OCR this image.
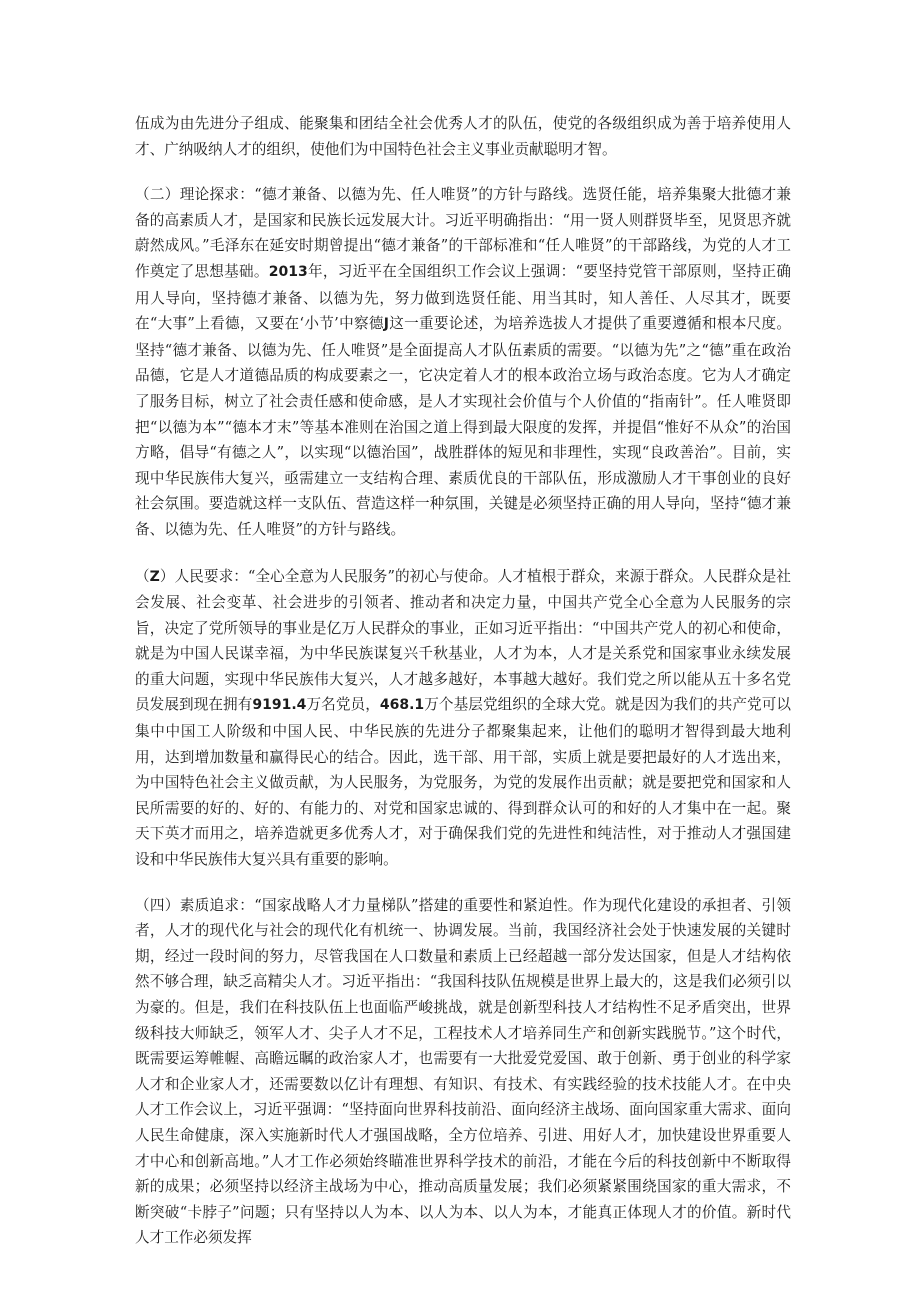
伍成为由先进分子组成、能聚集和团结全社会优秀人才的队伍，使党的各级组织成为善于培养使用人才、广纳吸纳人才的组织，使他们为中国特色社会主义事业贡献聪明才智。

（二）理论探求：“德才兼备、以德为先、任人唯贤”的方针与路线。选贤任能，培养集聚大批德才兼备的高素质人才，是国家和民族长远发展大计。习近平明确指出：“用一贤人则群贤毕至，见贤思齐就蔚然成风。”毛泽东在延安时期曾提出“德才兼备”的干部标准和“任人唯贤”的干部路线，为党的人才工作奠定了思想基础。2013年，习近平在全国组织工作会议上强调：“要坚持党管干部原则，坚持正确用人导向，坚持德才兼备、以德为先，努力做到选贤任能、用当其时，知人善任、人尽其才，既要在“大事”上看德，又要在‘小节’中察德J这一重要论述，为培养选拔人才提供了重要遵循和根本尺度。坚持“德才兼备、以德为先、任人唯贤”是全面提高人才队伍素质的需要。“以德为先”之“德”重在政治品德，它是人才道德品质的构成要素之一，它决定着人才的根本政治立场与政治态度。它为人才确定了服务目标，树立了社会责任感和使命感，是人才实现社会价值与个人价值的“指南针”。任人唯贤即把“以德为本”“德本才末”等基本准则在治国之道上得到最大限度的发挥，并提倡“惟好不从众”的治国方略，倡导“有德之人”，以实现“以德治国”，战胜群体的短见和非理性，实现“良政善治”。目前，实现中华民族伟大复兴，亟需建立一支结构合理、素质优良的干部队伍，形成激励人才干事创业的良好社会氛围。要造就这样一支队伍、营造这样一种氛围，关键是必须坚持正确的用人导向，坚持“德才兼备、以德为先、任人唯贤”的方针与路线。

（Z）人民要求：“全心全意为人民服务”的初心与使命。人才植根于群众，来源于群众。人民群众是社会发展、社会变革、社会进步的引领者、推动者和决定力量，中国共产党全心全意为人民服务的宗旨，决定了党所领导的事业是亿万人民群众的事业，正如习近平指出：“中国共产党人的初心和使命，就是为中国人民谋幸福，为中华民族谋复兴千秋基业，人才为本，人才是关系党和国家事业永续发展的重大问题，实现中华民族伟大复兴，人才越多越好，本事越大越好。我们党之所以能从五十多名党员发展到现在拥有9191.4万名党员，468.1万个基层党组织的全球大党。就是因为我们的共产党可以集中中国工人阶级和中国人民、中华民族的先进分子都聚集起来，让他们的聪明才智得到最大地利用，达到增加数量和赢得民心的结合。因此，选干部、用干部，实质上就是要把最好的人才选出来，为中国特色社会主义做贡献，为人民服务，为党服务，为党的发展作出贡献；就是要把党和国家和人民所需要的好的、好的、有能力的、对党和国家忠诚的、得到群众认可的和好的人才集中在一起。聚天下英才而用之，培养造就更多优秀人才，对于确保我们党的先进性和纯洁性，对于推动人才强国建设和中华民族伟大复兴具有重要的影响。

（四）素质追求：“国家战略人才力量梯队”搭建的重要性和紧迫性。作为现代化建设的承担者、引领者，人才的现代化与社会的现代化有机统一、协调发展。当前，我国经济社会处于快速发展的关键时期，经过一段时间的努力，尽管我国在人口数量和素质上已经超越一部分发达国家，但是人才结构依然不够合理，缺乏高精尖人才。习近平指出：“我国科技队伍规模是世界上最大的，这是我们必须引以为豪的。但是，我们在科技队伍上也面临严峻挑战，就是创新型科技人才结构性不足矛盾突出，世界级科技大师缺乏，领军人才、尖子人才不足，工程技术人才培养同生产和创新实践脱节。”这个时代，既需要运筹帷幄、高瞻远瞩的政治家人才，也需要有一大批爱党爱国、敢于创新、勇于创业的科学家人才和企业家人才，还需要数以亿计有理想、有知识、有技术、有实践经验的技术技能人才。在中央人才工作会议上，习近平强调：“坚持面向世界科技前沿、面向经济主战场、面向国家重大需求、面向人民生命健康，深入实施新时代人才强国战略，全方位培养、引进、用好人才，加快建设世界重要人才中心和创新高地。”人才工作必须始终瞄准世界科学技术的前沿，才能在今后的科技创新中不断取得新的成果；必须坚持以经济主战场为中心，推动高质量发展；我们必须紧紧围绕国家的重大需求，不断突破“卡脖子”问题；只有坚持以人为本、以人为本、以人为本，才能真正体现人才的价值。新时代人才工作必须发挥
